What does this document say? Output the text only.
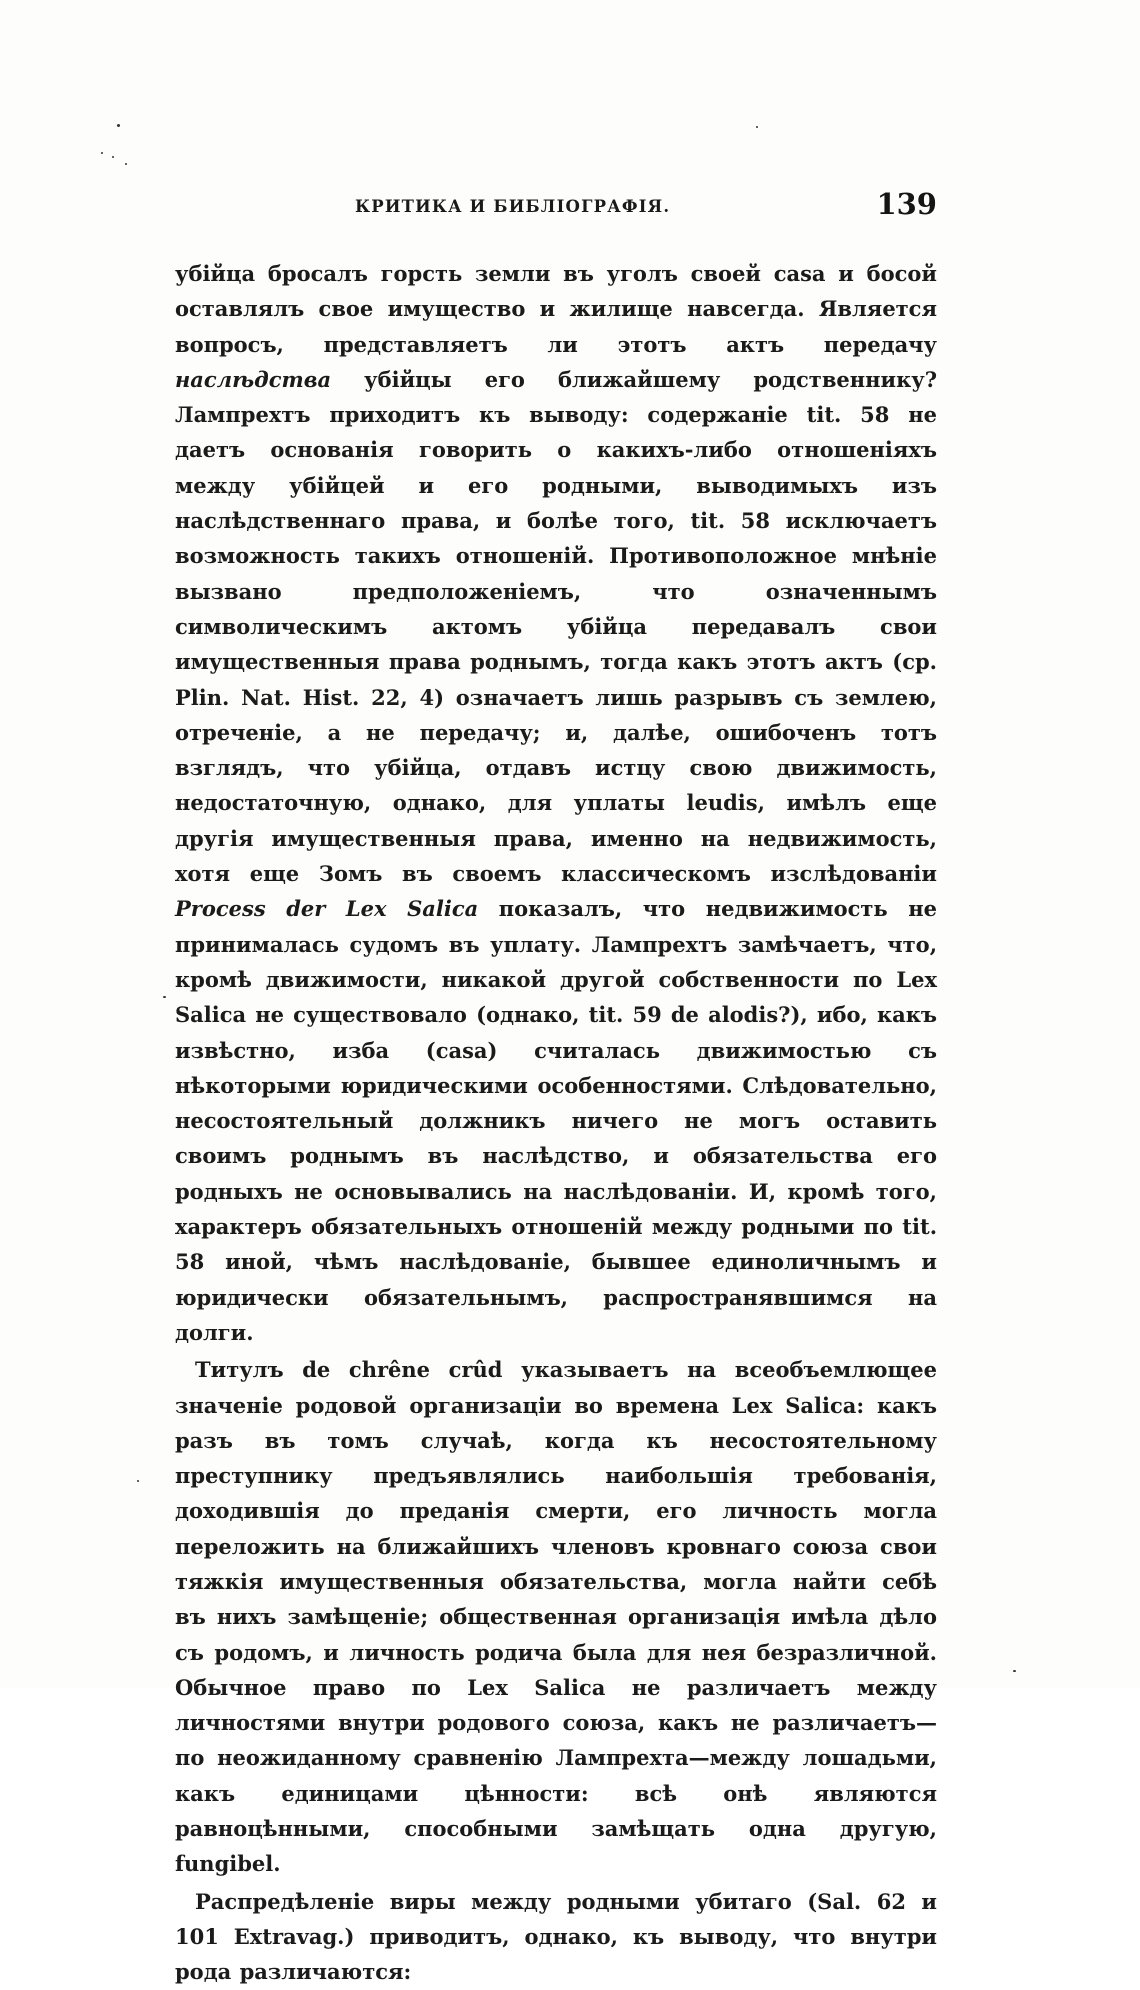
КРИТИКА И БИБЛІОГРАФІЯ.	139

убійца бросалъ горсть земли въ уголъ своей casa и босой оставлялъ свое имущество и жилище навсегда. Является вопросъ, представляетъ ли этотъ актъ передачу наслѣдства убійцы его ближайшему родственнику? Лампрехтъ приходитъ къ выводу: содержаніе tit. 58 не даетъ основанія говорить о какихъ-либо отношеніяхъ между убійцей и его родными, выводимыхъ изъ наслѣдственнаго права, и болѣе того, tit. 58 исключаетъ возможность такихъ отношеній. Противоположное мнѣніе вызвано предположеніемъ, что означеннымъ символическимъ актомъ убійца передавалъ свои имущественныя права роднымъ, тогда какъ этотъ актъ (ср. Plin. Nat. Hist. 22, 4) означаетъ лишь разрывъ съ землею, отреченіе, а не передачу; и, далѣе, ошибоченъ тотъ взглядъ, что убійца, отдавъ истцу свою движимость, недостаточную, однако, для уплаты leudis, имѣлъ еще другія имущественныя права, именно на недвижимость, хотя еще Зомъ въ своемъ классическомъ изслѣдованіи Process der Lex Salica показалъ, что недвижимость не принималась судомъ въ уплату. Лампрехтъ замѣчаетъ, что, кромѣ движимости, никакой другой собственности по Lex Salica не существовало (однако, tit. 59 de alodis?), ибо, какъ извѣстно, изба (casa) считалась движимостью съ нѣкоторыми юридическими особенностями. Слѣдовательно, несостоятельный должникъ ничего не могъ оставить своимъ роднымъ въ наслѣдство, и обязательства его родныхъ не основывались на наслѣдованіи. И, кромѣ того, характеръ обязательныхъ отношеній между родными по tit. 58 иной, чѣмъ наслѣдованіе, бывшее единоличнымъ и юридически обязательнымъ, распространявшимся на долги.

Титулъ de chrêne crûd указываетъ на всеобъемлющее значеніе родовой организаціи во времена Lex Salica: какъ разъ въ томъ случаѣ, когда къ несостоятельному преступнику предъявлялись наибольшія требованія, доходившія до преданія смерти, его личность могла переложить на ближайшихъ членовъ кровнаго союза свои тяжкія имущественныя обязательства, могла найти себѣ въ нихъ замѣщеніе; общественная организація имѣла дѣло съ родомъ, и личность родича была для нея безразличной. Обычное право по Lex Salica не различаетъ между личностями внутри родового союза, какъ не различаетъ— по неожиданному сравненію Лампрехта—между лошадьми, какъ единицами цѣнности: всѣ онѣ являются равноцѣнными, способными замѣщать одна другую, fungibel.

Распредѣленіе виры между родными убитаго (Sal. 62 и 101 Extravag.) приводитъ, однако, къ выводу, что внутри рода различаются:
